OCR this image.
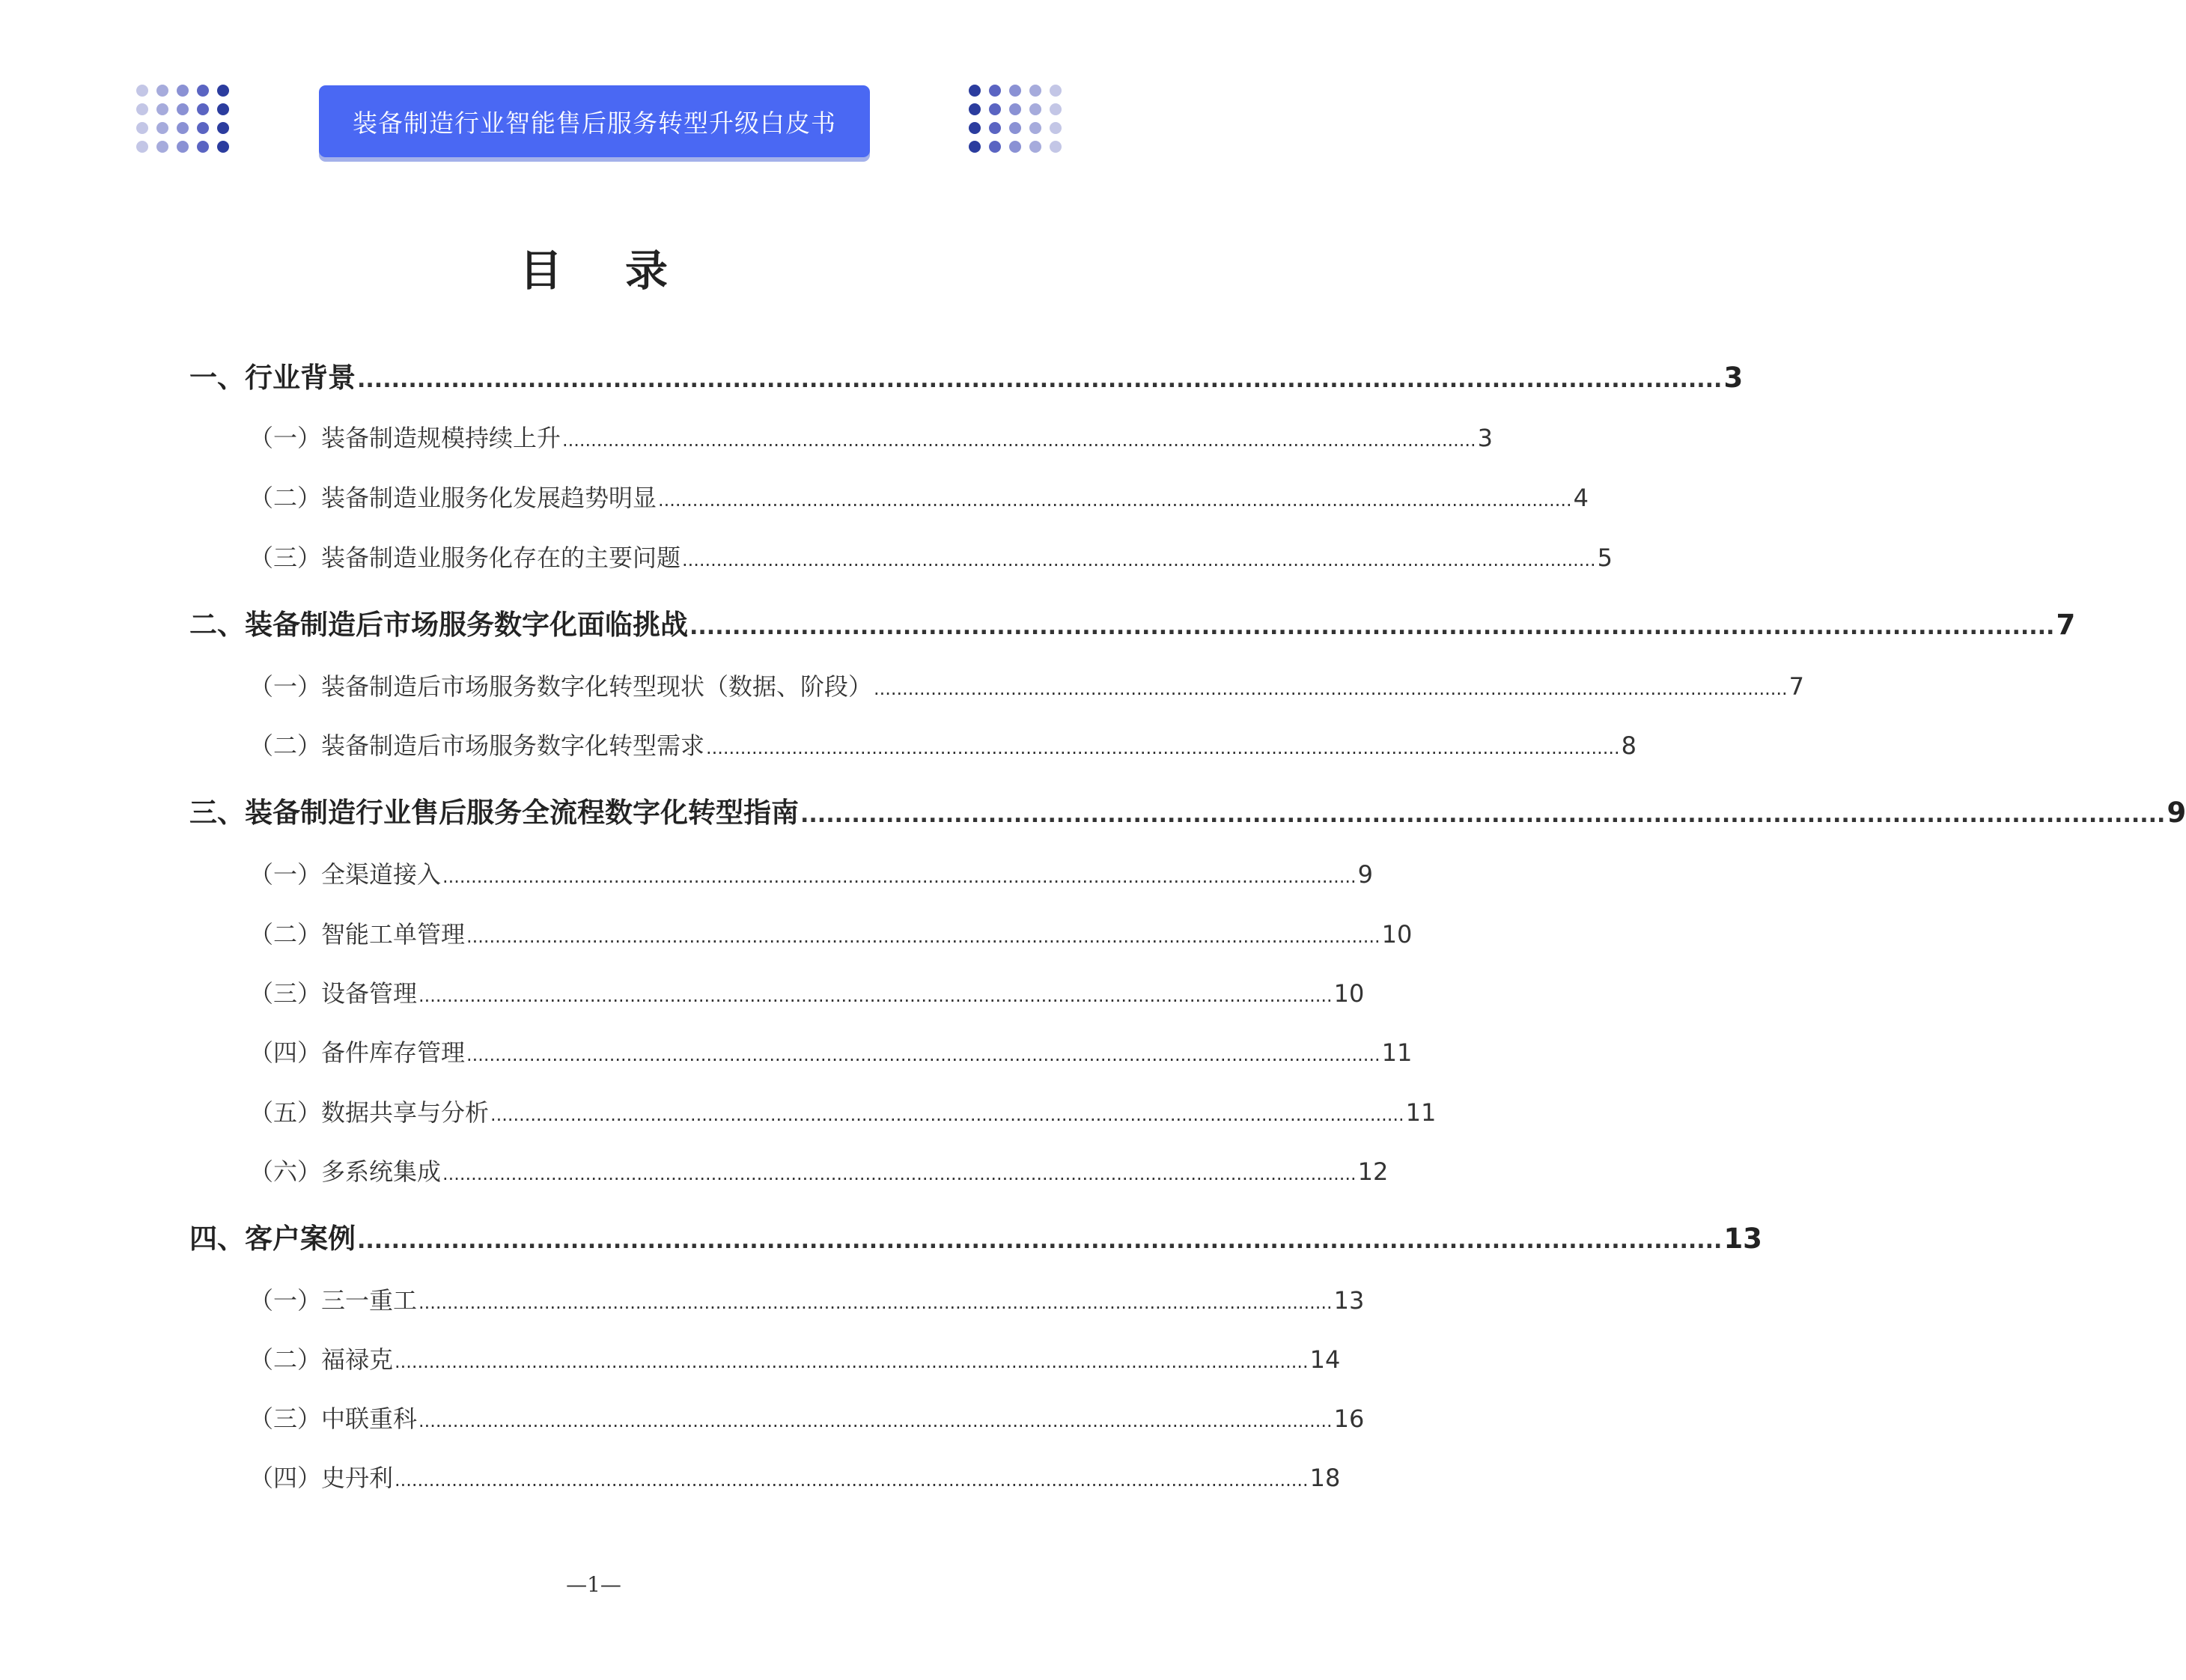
装备制造行业智能售后服务转型升级白皮书
目 录
一、行业背景 ................................................................................................................................................................ 3
（一）装备制造规模持续上升 ................................................................................................................................................................ 3
（二）装备制造业服务化发展趋势明显 ................................................................................................................................................................ 4
（三）装备制造业服务化存在的主要问题 ................................................................................................................................................................ 5
二、装备制造后市场服务数字化面临挑战 ................................................................................................................................................................ 7
（一）装备制造后市场服务数字化转型现状（数据、阶段） ................................................................................................................................................................ 7
（二）装备制造后市场服务数字化转型需求 ................................................................................................................................................................ 8
三、装备制造行业售后服务全流程数字化转型指南 ................................................................................................................................................................ 9
（一）全渠道接入 ................................................................................................................................................................ 9
（二）智能工单管理 ................................................................................................................................................................ 10
（三）设备管理 ................................................................................................................................................................ 10
（四）备件库存管理 ................................................................................................................................................................ 11
（五）数据共享与分析 ................................................................................................................................................................ 11
（六）多系统集成 ................................................................................................................................................................ 12
四、客户案例 ................................................................................................................................................................ 13
（一）三一重工 ................................................................................................................................................................ 13
（二）福禄克 ................................................................................................................................................................ 14
（三）中联重科 ................................................................................................................................................................ 16
（四）史丹利 ................................................................................................................................................................ 18
—1—
